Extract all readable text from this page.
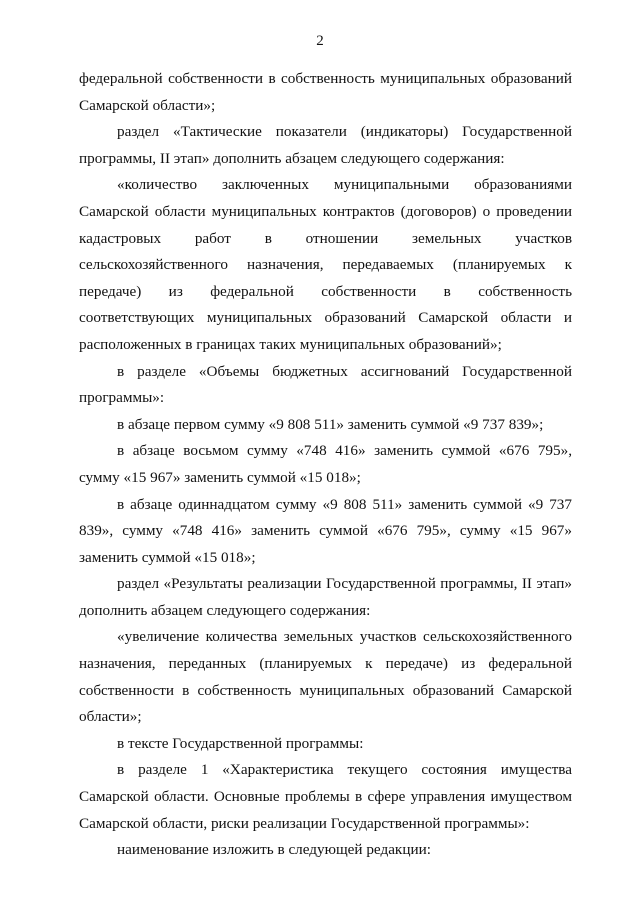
2

федеральной собственности в собственность муниципальных образований Самарской области»;

раздел «Тактические показатели (индикаторы) Государственной программы, II этап» дополнить абзацем следующего содержания:

«количество заключенных муниципальными образованиями Самарской области муниципальных контрактов (договоров) о проведении кадастровых работ в отношении земельных участков сельскохозяйственного назначения, передаваемых (планируемых к передаче) из федеральной собственности в собственность соответствующих муниципальных образований Самарской области и расположенных в границах таких муниципальных образований»;

в разделе «Объемы бюджетных ассигнований Государственной программы»:

в абзаце первом сумму «9 808 511» заменить суммой «9 737 839»;

в абзаце восьмом сумму «748 416» заменить суммой «676 795», сумму «15 967» заменить суммой «15 018»;

в абзаце одиннадцатом сумму «9 808 511» заменить суммой «9 737 839», сумму «748 416» заменить суммой «676 795», сумму «15 967» заменить суммой «15 018»;

раздел «Результаты реализации Государственной программы, II этап» дополнить абзацем следующего содержания:

«увеличение количества земельных участков сельскохозяйственного назначения, переданных (планируемых к передаче) из федеральной собственности в собственность муниципальных образований Самарской области»;

в тексте Государственной программы:

в разделе 1 «Характеристика текущего состояния имущества Самарской области. Основные проблемы в сфере управления имуществом Самарской области, риски реализации Государственной программы»:

наименование изложить в следующей редакции:
